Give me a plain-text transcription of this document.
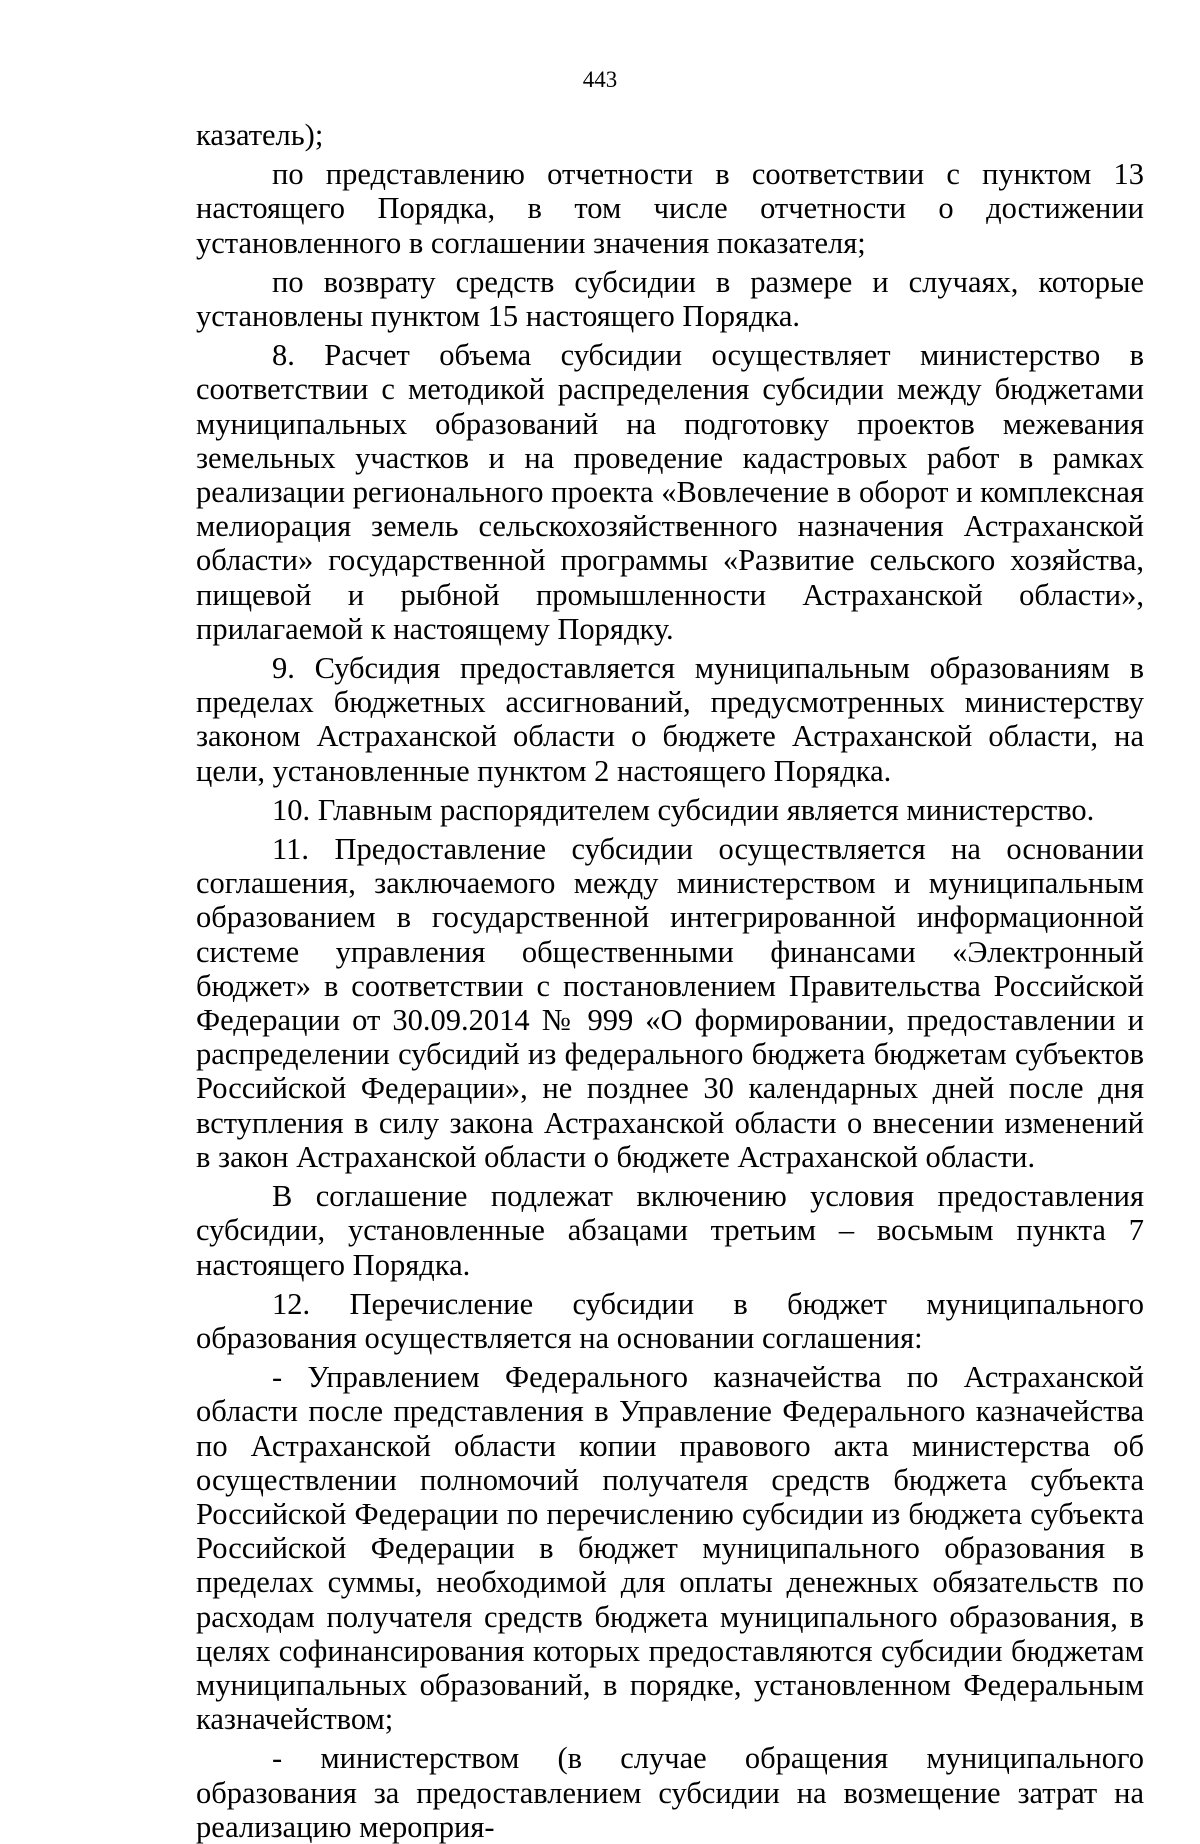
443

казатель);

по представлению отчетности в соответствии с пунктом 13 настоящего Порядка, в том числе отчетности о достижении установленного в соглашении значения показателя;

по возврату средств субсидии в размере и случаях, которые установлены пунктом 15 настоящего Порядка.

8. Расчет объема субсидии осуществляет министерство в соответствии с методикой распределения субсидии между бюджетами муниципальных образований на подготовку проектов межевания земельных участков и на проведение кадастровых работ в рамках реализации регионального проекта «Вовлечение в оборот и комплексная мелиорация земель сельскохозяйственного назначения Астраханской области» государственной программы «Развитие сельского хозяйства, пищевой и рыбной промышленности Астраханской области», прилагаемой к настоящему Порядку.

9. Субсидия предоставляется муниципальным образованиям в пределах бюджетных ассигнований, предусмотренных министерству законом Астраханской области о бюджете Астраханской области, на цели, установленные пунктом 2 настоящего Порядка.

10. Главным распорядителем субсидии является министерство.

11. Предоставление субсидии осуществляется на основании соглашения, заключаемого между министерством и муниципальным образованием в государственной интегрированной информационной системе управления общественными финансами «Электронный бюджет» в соответствии с постановлением Правительства Российской Федерации от 30.09.2014 № 999 «О формировании, предоставлении и распределении субсидий из федерального бюджета бюджетам субъектов Российской Федерации», не позднее 30 календарных дней после дня вступления в силу закона Астраханской области о внесении изменений в закон Астраханской области о бюджете Астраханской области.

В соглашение подлежат включению условия предоставления субсидии, установленные абзацами третьим – восьмым пункта 7 настоящего Порядка.

12. Перечисление субсидии в бюджет муниципального образования осуществляется на основании соглашения:

- Управлением Федерального казначейства по Астраханской области после представления в Управление Федерального казначейства по Астраханской области копии правового акта министерства об осуществлении полномочий получателя средств бюджета субъекта Российской Федерации по перечислению субсидии из бюджета субъекта Российской Федерации в бюджет муниципального образования в пределах суммы, необходимой для оплаты денежных обязательств по расходам получателя средств бюджета муниципального образования, в целях софинансирования которых предоставляются субсидии бюджетам муниципальных образований, в порядке, установленном Федеральным казначейством;

- министерством (в случае обращения муниципального образования за предоставлением субсидии на возмещение затрат на реализацию мероприя-
